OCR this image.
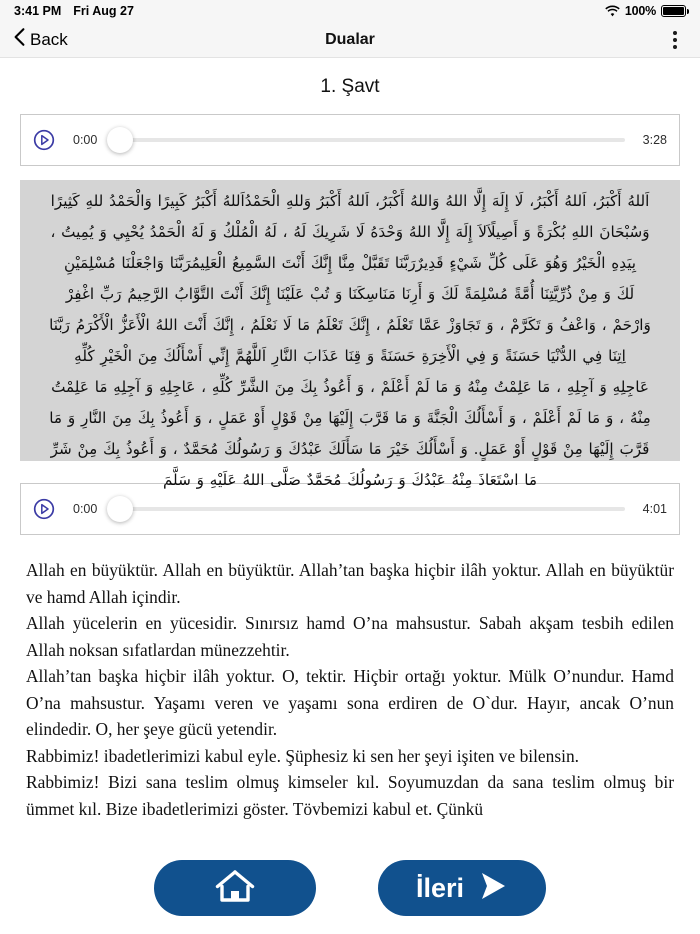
3:41 PM Fri Aug 27	100%
Back	Dualar
1. Şavt
0:00	3:28
اَللهُ أَكْبَرُ، اَللهُ أَكْبَرُ، لَا إِلَهَ إِلَّا اللهُ وَاللهُ أَكْبَرُ، اَللهُ أَكْبَرُ وَللهِ الْحَمْدُاَللهُ أَكْبَرُ كَبِيرًا وَالْحَمْدُ للهِ كَثِيرًا
وَسُبْحَانَ اللهِ بُكْرَةً وَ أَصِيلًاَلاَ إِلَهَ إِلَّا اللهُ وَحْدَهُ لَا شَرِيكَ لَهُ ، لَهُ الْمُلْكُ وَ لَهُ الْحَمْدُ يُحْيِي وَ يُمِيتُ ،
بِيَدِهِ الْخَيْرُ وَهُوَ عَلَى كُلِّ شَيْءٍ قَدِيرٌرَبَّنَا تَقَبَّلْ مِنَّا إِنَّكَ أَنْتَ السَّمِيعُ الْعَلِيمُرَبَّنَا وَاجْعَلْنَا مُسْلِمَيْنِ
لَكَ وَ مِنْ ذُرِّيَّتِنَا أُمَّةً مُسْلِمَةً لَكَ وَ أَرِنَا مَنَاسِكَنَا وَ تُبْ عَلَيْنَا إِنَّكَ أَنْتَ التَّوَّابُ الرَّحِيمُ رَبِّ اغْفِرْ
وَارْحَمْ ، وَاعْفُ وَ تَكَرَّمْ ، وَ تَجَاوَزْ عَمَّا تَعْلَمُ ، إِنَّكَ تَعْلَمُ مَا لَا نَعْلَمُ ، إِنَّكَ أَنْتَ اللهُ الْأَعَزُّ الْأَكْرَمُ رَبَّنَا
اِتِنَا فِي الدُّنْيَا حَسَنَةً وَ فِي الْأَخِرَةِ حَسَنَةً وَ قِنَا عَذَابَ النَّارِ اَللَّهُمَّ إِنِّي أَسْأَلُكَ مِنَ الْخَيْرِ كُلِّهِ
عَاجِلِهِ وَ آجِلِهِ ، مَا عَلِمْتُ مِنْهُ وَ مَا لَمْ أَعْلَمْ ، وَ أَعُوذُ بِكَ مِنَ الشَّرِّ كُلِّهِ ، عَاجِلِهِ وَ آجِلِهِ مَا عَلِمْتُ
مِنْهُ ، وَ مَا لَمْ أَعْلَمْ ، وَ أَسْأَلُكَ الْجَنَّةَ وَ مَا قَرَّبَ إِلَيْهَا مِنْ قَوْلٍ أَوْ عَمَلٍ ، وَ أَعُوذُ بِكَ مِنَ النَّارِ وَ مَا
قَرَّبَ إِلَيْهَا مِنْ قَوْلٍ أَوْ عَمَلٍ. وَ أَسْأَلُكَ خَيْرَ مَا سَأَلَكَ عَبْدُكَ وَ رَسُولُكَ مُحَمَّدٌ ، وَ أَعُوذُ بِكَ مِنْ شَرِّ
مَا اسْتَعَاذَ مِنْهُ عَبْدُكَ وَ رَسُولُكَ مُحَمَّدٌ صَلَّى اللهُ عَلَيْهِ وَ سَلَّمَ
0:00	4:01

Allah en büyüktür. Allah en büyüktür. Allah’tan başka hiçbir ilâh yoktur. Allah en büyüktür ve hamd Allah içindir.

Allah yücelerin en yücesidir. Sınırsız hamd O’na mahsustur. Sabah akşam tesbih edilen Allah noksan sıfatlardan münezzehtir.

Allah’tan başka hiçbir ilâh yoktur. O, tektir. Hiçbir ortağı yoktur. Mülk O’nundur. Hamd O’na mahsustur. Yaşamı veren ve yaşamı sona erdiren de O`dur. Hayır, ancak O’nun elindedir. O, her şeye gücü yetendir.

Rabbimiz! ibadetlerimizi kabul eyle. Şüphesiz ki sen her şeyi işiten ve bilensin.

Rabbimiz! Bizi sana teslim olmuş kimseler kıl. Soyumuzdan da sana teslim olmuş bir ümmet kıl. Bize ibadetlerimizi göster. Tövbemizi kabul et. Çünkü

İleri
